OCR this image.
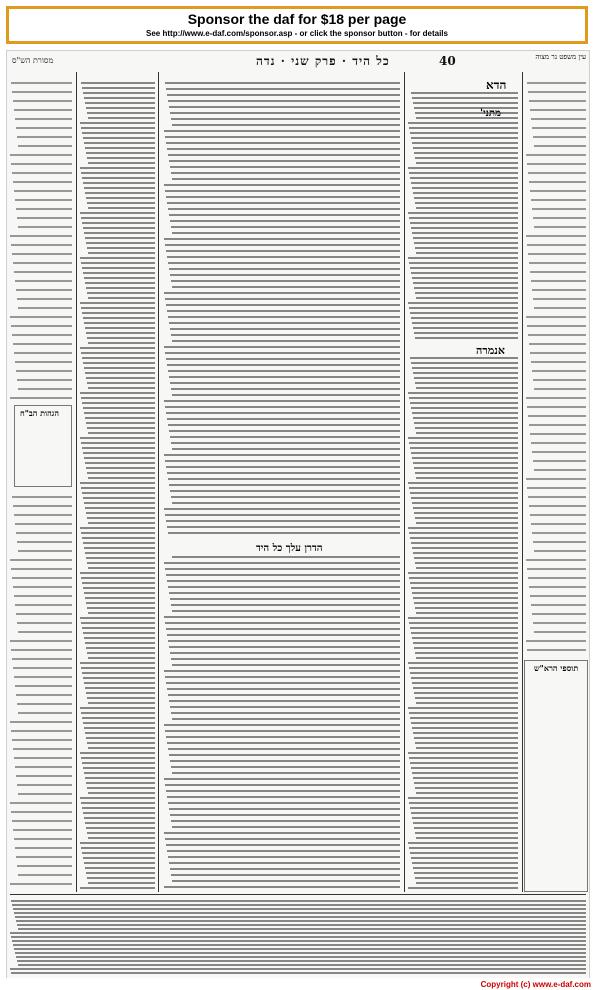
Sponsor the daf for $18 per page
See http://www.e-daf.com/sponsor.asp - or click the sponsor button - for details
מסורת הש"ס	כל היד · פרק שני · נדה	40	עין משפט נר מצוה
הגהות הב"ח
תוספי הרא"ש
הדא
מתני'
אנמרה
הדרן עלך כל היד
Copyright (c) www.e-daf.com
